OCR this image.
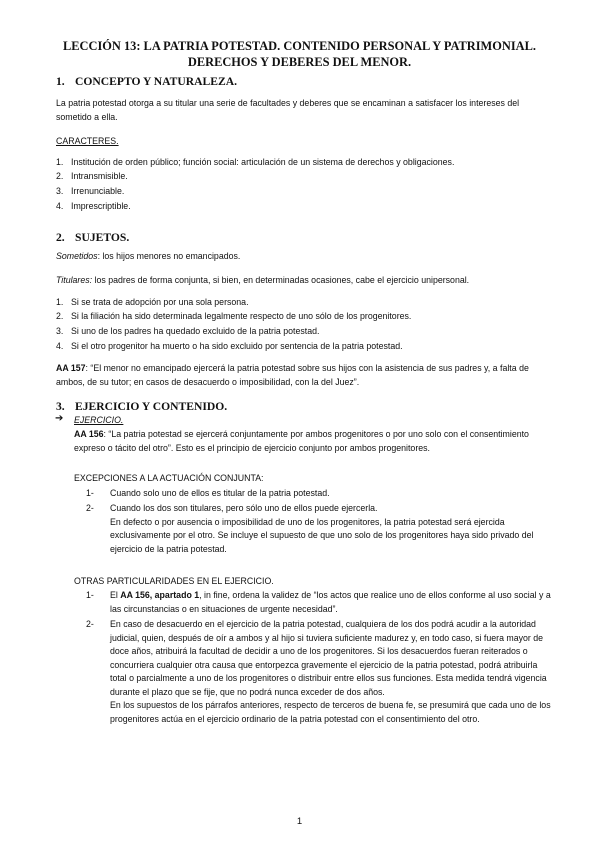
LECCIÓN 13: LA PATRIA POTESTAD. CONTENIDO PERSONAL Y PATRIMONIAL.
DERECHOS Y DEBERES DEL MENOR.
1. CONCEPTO Y NATURALEZA.
La patria potestad otorga a su titular una serie de facultades y deberes que se encaminan a satisfacer los intereses del sometido a ella.
CARACTERES.
1. Institución de orden público; función social: articulación de un sistema de derechos y obligaciones.
2. Intransmisible.
3. Irrenunciable.
4. Imprescriptible.
2. SUJETOS.
Sometidos: los hijos menores no emancipados.
Titulares: los padres de forma conjunta, si bien, en determinadas ocasiones, cabe el ejercicio unipersonal.
1. Si se trata de adopción por una sola persona.
2. Si la filiación ha sido determinada legalmente respecto de uno sólo de los progenitores.
3. Si uno de los padres ha quedado excluido de la patria potestad.
4. Si el otro progenitor ha muerto o ha sido excluido por sentencia de la patria potestad.
AA 157: “El menor no emancipado ejercerá la patria potestad sobre sus hijos con la asistencia de sus padres y, a falta de ambos, de su tutor; en casos de desacuerdo o imposibilidad, con la del Juez”.
3. EJERCICIO Y CONTENIDO.
➔ EJERCICIO.
AA 156: “La patria potestad se ejercerá conjuntamente por ambos progenitores o por uno solo con el consentimiento expreso o tácito del otro”. Esto es el principio de ejercicio conjunto por ambos progenitores.
EXCEPCIONES A LA ACTUACIÓN CONJUNTA:
1- Cuando solo uno de ellos es titular de la patria potestad.
2- Cuando los dos son titulares, pero sólo uno de ellos puede ejercerla.
En defecto o por ausencia o imposibilidad de uno de los progenitores, la patria potestad será ejercida exclusivamente por el otro. Se incluye el supuesto de que uno solo de los progenitores haya sido privado del ejercicio de la patria potestad.
OTRAS PARTICULARIDADES EN EL EJERCICIO.
1- El AA 156, apartado 1, in fine, ordena la validez de “los actos que realice uno de ellos conforme al uso social y a las circunstancias o en situaciones de urgente necesidad”.
2- En caso de desacuerdo en el ejercicio de la patria potestad, cualquiera de los dos podrá acudir a la autoridad judicial, quien, después de oír a ambos y al hijo si tuviera suficiente madurez y, en todo caso, si fuera mayor de doce años, atribuirá la facultad de decidir a uno de los progenitores. Si los desacuerdos fueran reiterados o concurriera cualquier otra causa que entorpezca gravemente el ejercicio de la patria potestad, podrá atribuirla total o parcialmente a uno de los progenitores o distribuir entre ellos sus funciones. Esta medida tendrá vigencia durante el plazo que se fije, que no podrá nunca exceder de dos años.
En los supuestos de los párrafos anteriores, respecto de terceros de buena fe, se presumirá que cada uno de los progenitores actúa en el ejercicio ordinario de la patria potestad con el consentimiento del otro.
1
